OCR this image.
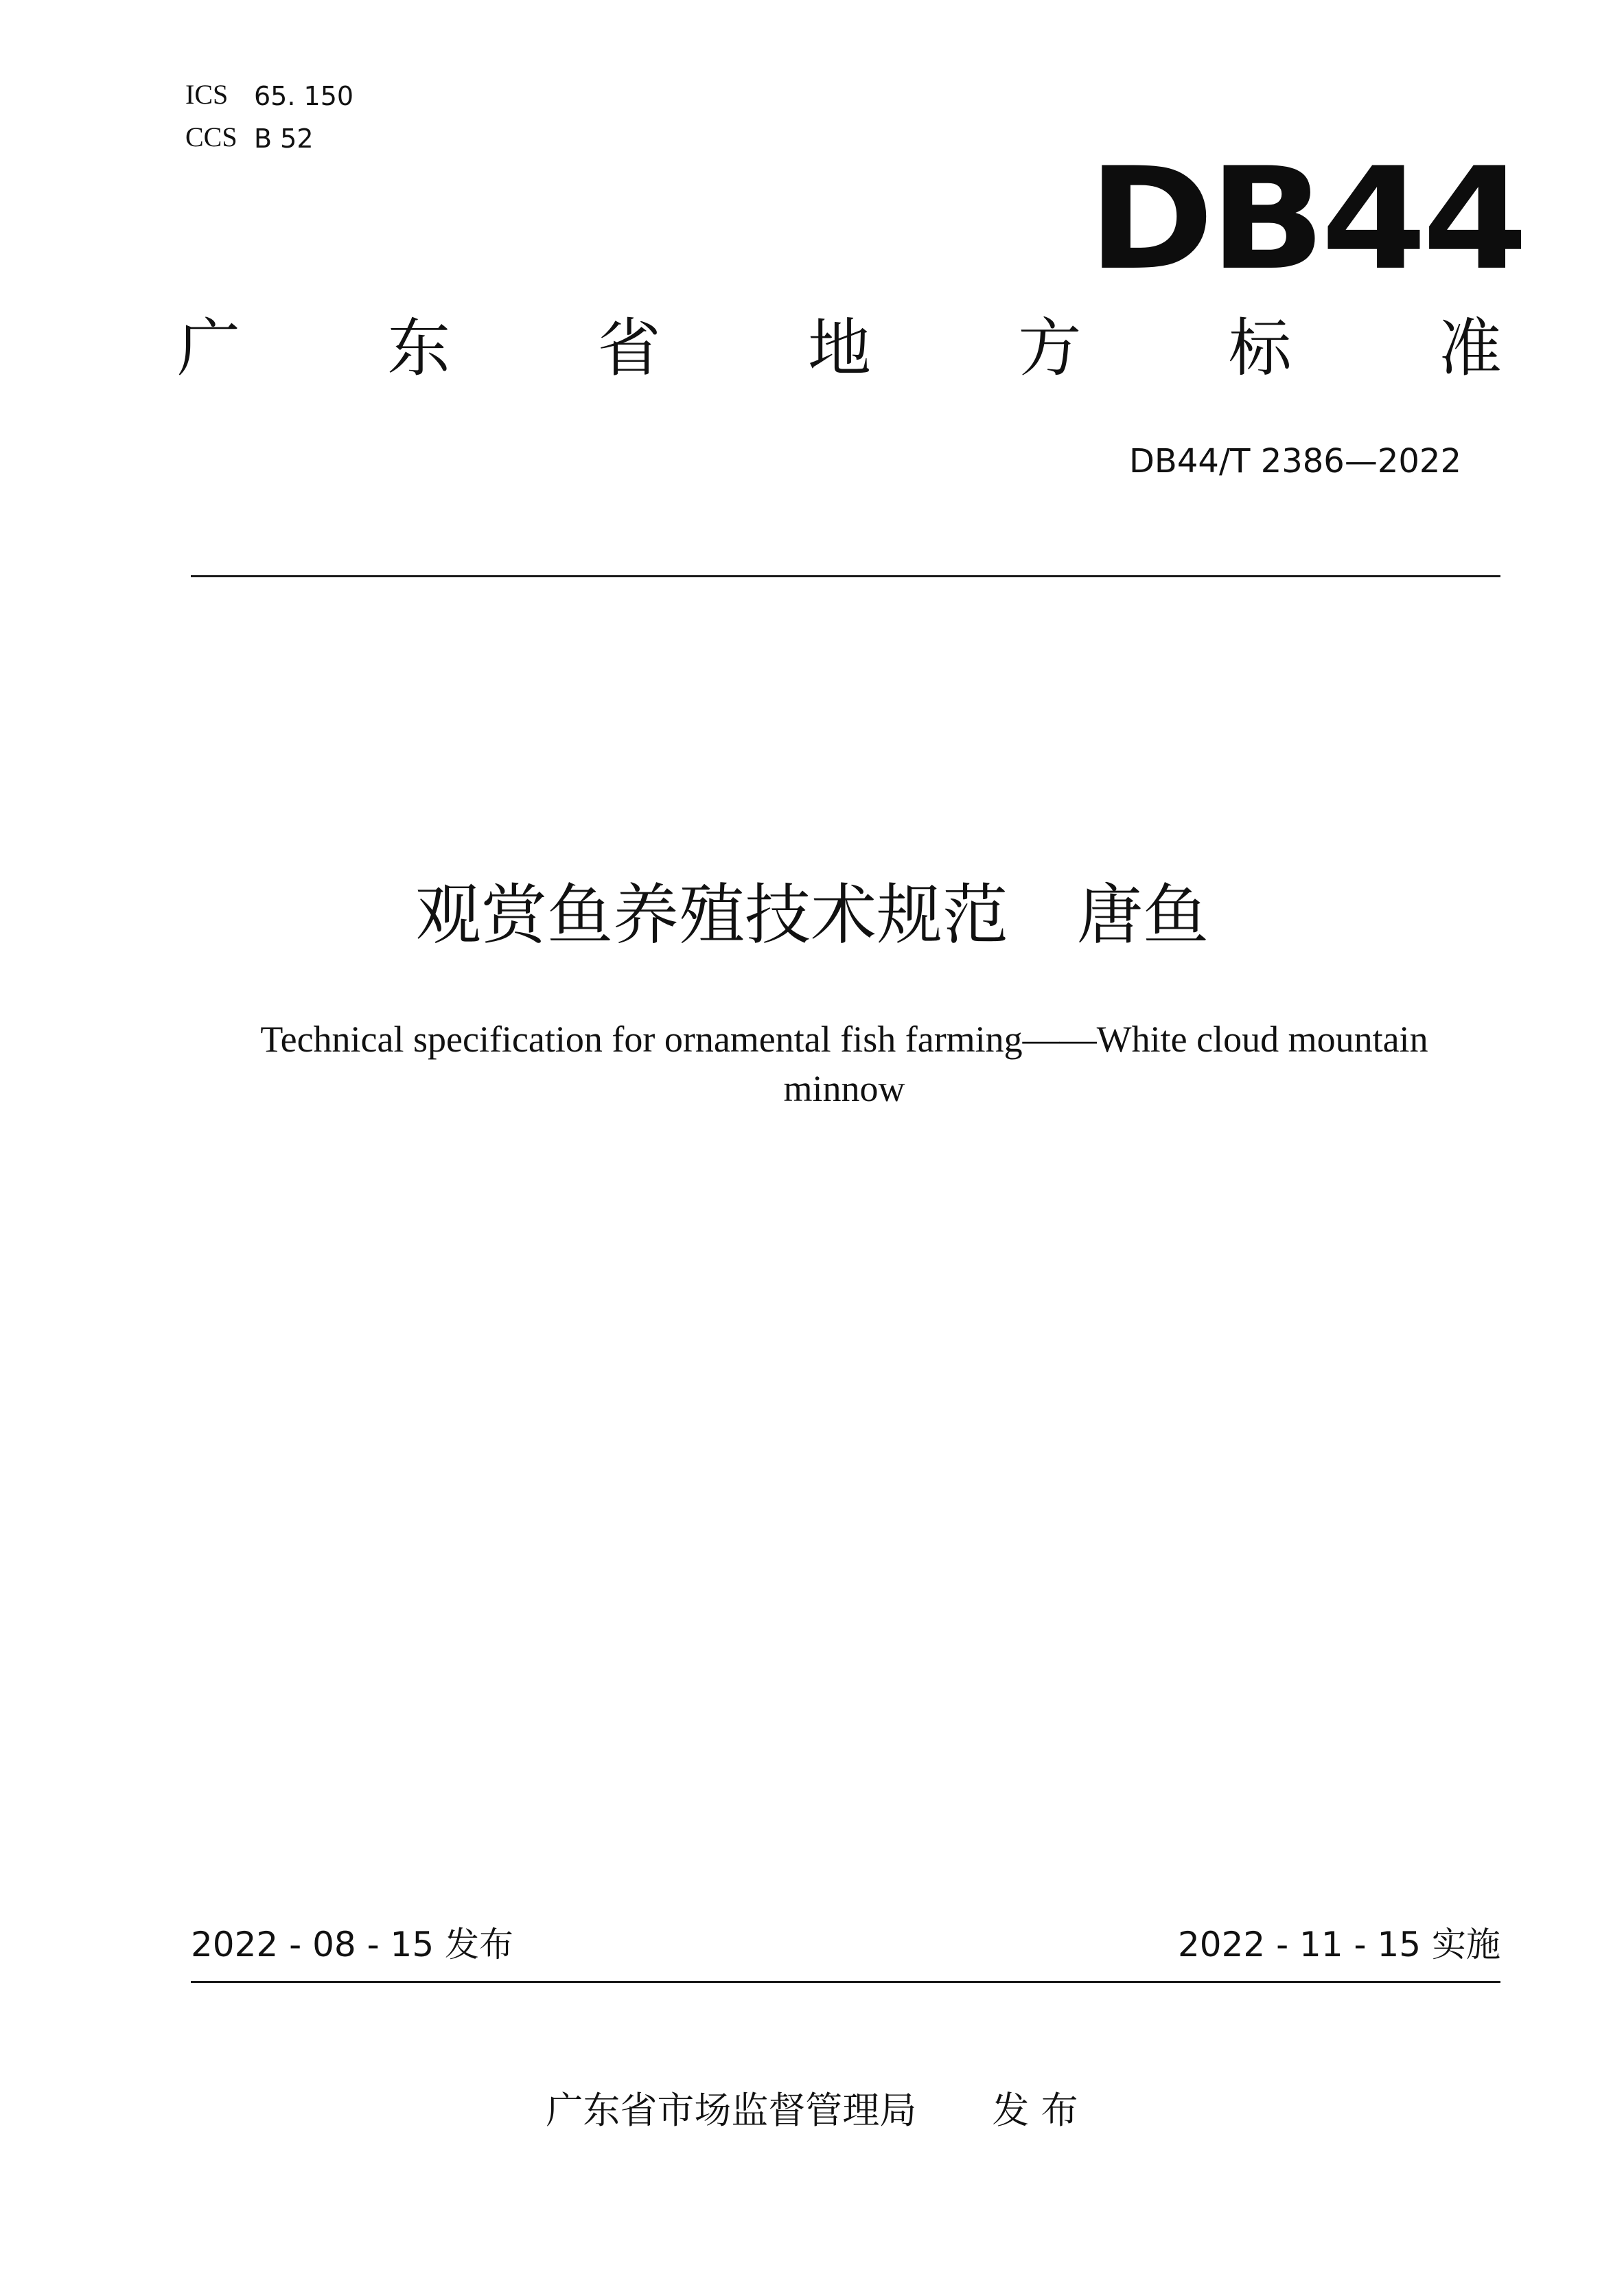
ICS 65. 150
CCS B 52	DB44
广 东 省 地 方 标 准
DB44/T 2386—2022
观赏鱼养殖技术规范 唐鱼
Technical specification for ornamental fish farming——White cloud mountain minnow
2022 - 08 - 15 发布	2022 - 11 - 15 实施
广东省市场监督管理局 发 布
